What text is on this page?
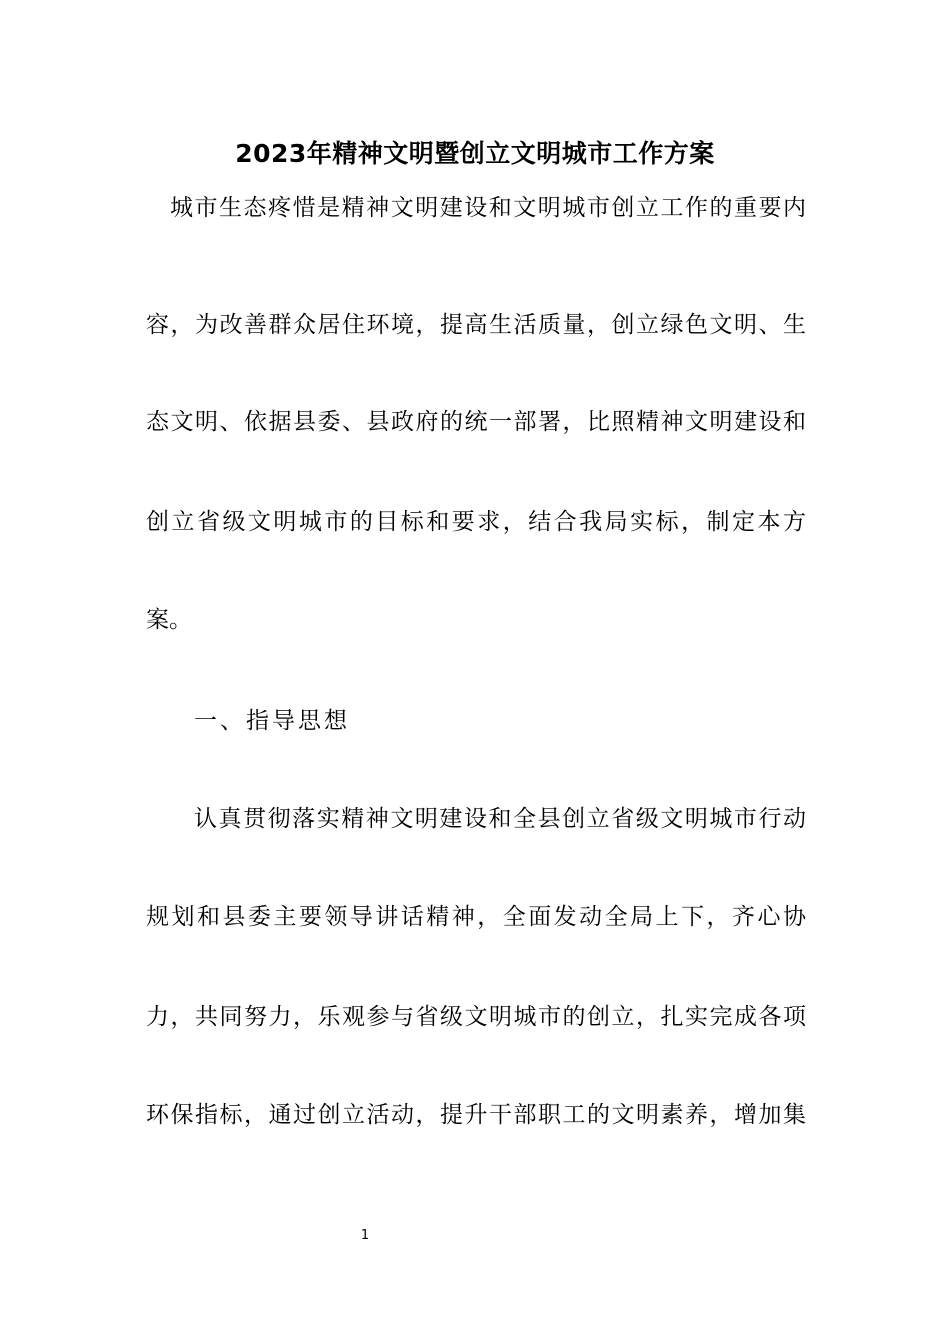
2023年精神文明暨创立文明城市工作方案
城市生态疼惜是精神文明建设和文明城市创立工作的重要内
容，为改善群众居住环境，提高生活质量，创立绿色文明、生
态文明、依据县委、县政府的统一部署，比照精神文明建设和
创立省级文明城市的目标和要求，结合我局实标，制定本方
案。
一、指导思想
认真贯彻落实精神文明建设和全县创立省级文明城市行动
规划和县委主要领导讲话精神，全面发动全局上下，齐心协
力，共同努力，乐观参与省级文明城市的创立，扎实完成各项
环保指标，通过创立活动，提升干部职工的文明素养，增加集
1
